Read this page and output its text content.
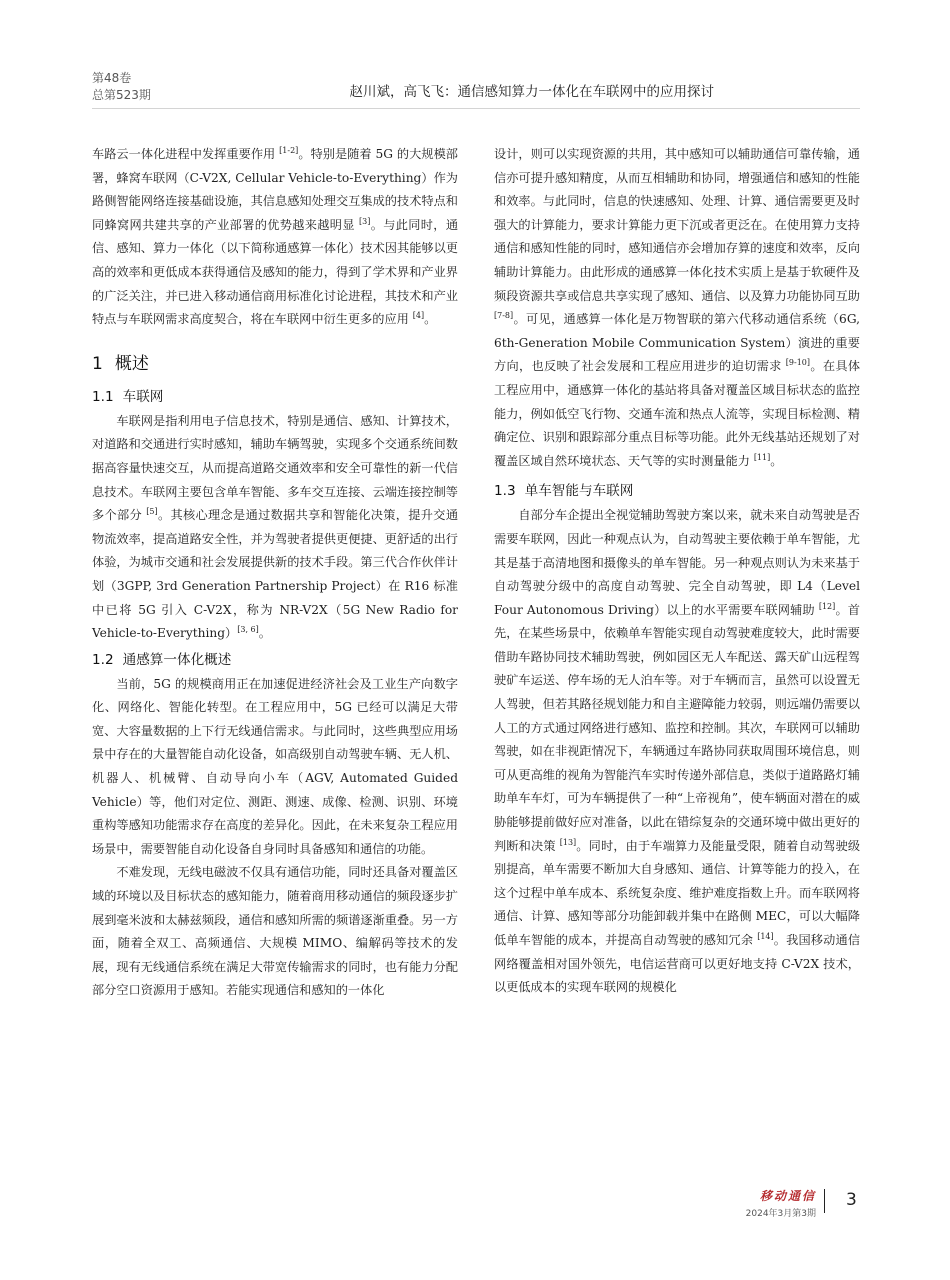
第48卷
总第523期	赵川斌，高飞飞：通信感知算力一体化在车联网中的应用探讨

车路云一体化进程中发挥重要作用 [1-2]。特别是随着 5G 的大规模部署，蜂窝车联网（C-V2X, Cellular Vehicle-to-Everything）作为路侧智能网络连接基础设施，其信息感知处理交互集成的技术特点和同蜂窝网共建共享的产业部署的优势越来越明显 [3]。与此同时，通信、感知、算力一体化（以下简称通感算一体化）技术因其能够以更高的效率和更低成本获得通信及感知的能力，得到了学术界和产业界的广泛关注，并已进入移动通信商用标准化讨论进程，其技术和产业特点与车联网需求高度契合，将在车联网中衍生更多的应用 [4]。

1 概述
1.1 车联网

车联网是指利用电子信息技术，特别是通信、感知、计算技术，对道路和交通进行实时感知，辅助车辆驾驶，实现多个交通系统间数据高容量快速交互，从而提高道路交通效率和安全可靠性的新一代信息技术。车联网主要包含单车智能、多车交互连接、云端连接控制等多个部分 [5]。其核心理念是通过数据共享和智能化决策，提升交通物流效率，提高道路安全性，并为驾驶者提供更便捷、更舒适的出行体验，为城市交通和社会发展提供新的技术手段。第三代合作伙伴计划（3GPP, 3rd Generation Partnership Project）在 R16 标准中已将 5G 引入 C-V2X，称为 NR-V2X（5G New Radio for Vehicle-to-Everything）[3, 6]。

1.2 通感算一体化概述

当前，5G 的规模商用正在加速促进经济社会及工业生产向数字化、网络化、智能化转型。在工程应用中，5G 已经可以满足大带宽、大容量数据的上下行无线通信需求。与此同时，这些典型应用场景中存在的大量智能自动化设备，如高级别自动驾驶车辆、无人机、机器人、机械臂、自动导向小车（AGV, Automated Guided Vehicle）等，他们对定位、测距、测速、成像、检测、识别、环境重构等感知功能需求存在高度的差异化。因此，在未来复杂工程应用场景中，需要智能自动化设备自身同时具备感知和通信的功能。

不难发现，无线电磁波不仅具有通信功能，同时还具备对覆盖区域的环境以及目标状态的感知能力，随着商用移动通信的频段逐步扩展到毫米波和太赫兹频段，通信和感知所需的频谱逐渐重叠。另一方面，随着全双工、高频通信、大规模 MIMO、编解码等技术的发展，现有无线通信系统在满足大带宽传输需求的同时，也有能力分配部分空口资源用于感知。若能实现通信和感知的一体化

设计，则可以实现资源的共用，其中感知可以辅助通信可靠传输，通信亦可提升感知精度，从而互相辅助和协同，增强通信和感知的性能和效率。与此同时，信息的快速感知、处理、计算、通信需要更及时强大的计算能力，要求计算能力更下沉或者更泛在。在使用算力支持通信和感知性能的同时，感知通信亦会增加存算的速度和效率，反向辅助计算能力。由此形成的通感算一体化技术实质上是基于软硬件及频段资源共享或信息共享实现了感知、通信、以及算力功能协同互助 [7-8]。可见，通感算一体化是万物智联的第六代移动通信系统（6G, 6th-Generation Mobile Communication System）演进的重要方向，也反映了社会发展和工程应用进步的迫切需求 [9-10]。在具体工程应用中，通感算一体化的基站将具备对覆盖区域目标状态的监控能力，例如低空飞行物、交通车流和热点人流等，实现目标检测、精确定位、识别和跟踪部分重点目标等功能。此外无线基站还规划了对覆盖区域自然环境状态、天气等的实时测量能力 [11]。

1.3 单车智能与车联网

自部分车企提出全视觉辅助驾驶方案以来，就未来自动驾驶是否需要车联网，因此一种观点认为，自动驾驶主要依赖于单车智能，尤其是基于高清地图和摄像头的单车智能。另一种观点则认为未来基于自动驾驶分级中的高度自动驾驶、完全自动驾驶，即 L4（Level Four Autonomous Driving）以上的水平需要车联网辅助 [12]。首先，在某些场景中，依赖单车智能实现自动驾驶难度较大，此时需要借助车路协同技术辅助驾驶，例如园区无人车配送、露天矿山远程驾驶矿车运送、停车场的无人泊车等。对于车辆而言，虽然可以设置无人驾驶，但若其路径规划能力和自主避障能力较弱，则远端仍需要以人工的方式通过网络进行感知、监控和控制。其次，车联网可以辅助驾驶，如在非视距情况下，车辆通过车路协同获取周围环境信息，则可从更高维的视角为智能汽车实时传递外部信息，类似于道路路灯辅助单车车灯，可为车辆提供了一种“上帝视角”，使车辆面对潜在的威胁能够提前做好应对准备，以此在错综复杂的交通环境中做出更好的判断和决策 [13]。同时，由于车端算力及能量受限，随着自动驾驶级别提高，单车需要不断加大自身感知、通信、计算等能力的投入，在这个过程中单车成本、系统复杂度、维护难度指数上升。而车联网将通信、计算、感知等部分功能卸载并集中在路侧 MEC，可以大幅降低单车智能的成本，并提高自动驾驶的感知冗余 [14]。我国移动通信网络覆盖相对国外领先，电信运营商可以更好地支持 C-V2X 技术，以更低成本的实现车联网的规模化

移动通信
2024年3月第3期
3
